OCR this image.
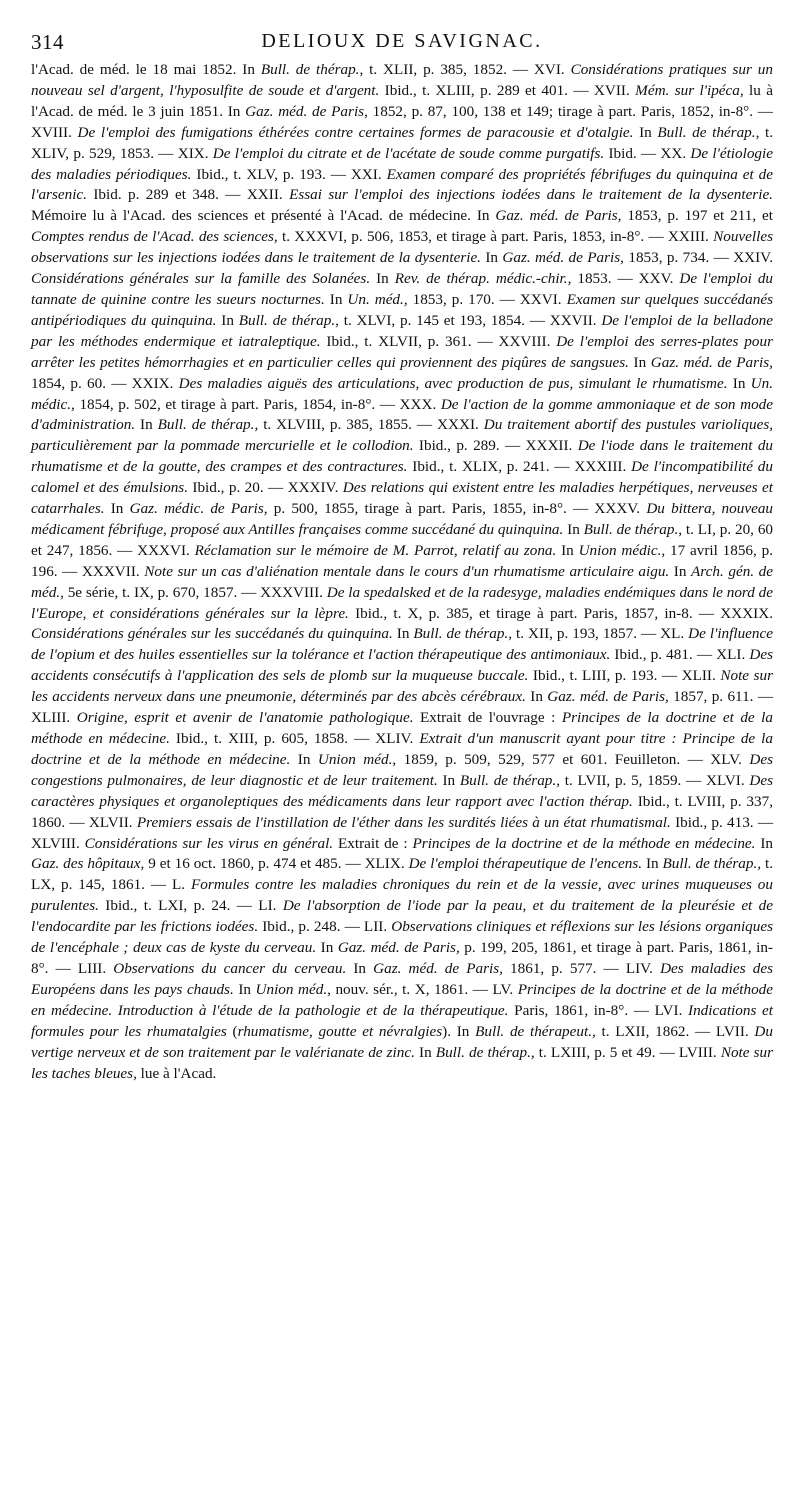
314	DELIOUX DE SAVIGNAC.

l'Acad. de méd. le 18 mai 1852. In Bull. de thérap., t. XLII, p. 385, 1852. — XVI. Considérations pratiques sur un nouveau sel d'argent, l'hyposulfite de soude et d'argent. Ibid., t. XLIII, p. 289 et 401. — XVII. Mém. sur l'ipéca, lu à l'Acad. de méd. le 3 juin 1851. In Gaz. méd. de Paris, 1852, p. 87, 100, 138 et 149; tirage à part. Paris, 1852, in-8°. — XVIII. De l'emploi des fumigations éthérées contre certaines formes de paracousie et d'otalgie. In Bull. de thérap., t. XLIV, p. 529, 1853. — XIX. De l'emploi du citrate et de l'acétate de soude comme purgatifs. Ibid. — XX. De l'étiologie des maladies périodiques. Ibid., t. XLV, p. 193. — XXI. Examen comparé des propriétés fébrifuges du quinquina et de l'arsenic. Ibid. p. 289 et 348. — XXII. Essai sur l'emploi des injections iodées dans le traitement de la dysenterie. Mémoire lu à l'Acad. des sciences et présenté à l'Acad. de médecine. In Gaz. méd. de Paris, 1853, p. 197 et 211, et Comptes rendus de l'Acad. des sciences, t. XXXVI, p. 506, 1853, et tirage à part. Paris, 1853, in-8°. — XXIII. Nouvelles observations sur les injections iodées dans le traitement de la dysenterie. In Gaz. méd. de Paris, 1853, p. 734. — XXIV. Considérations générales sur la famille des Solanées. In Rev. de thérap. médic.-chir., 1853. — XXV. De l'emploi du tannate de quinine contre les sueurs nocturnes. In Un. méd., 1853, p. 170. — XXVI. Examen sur quelques succédanés antipériodiques du quinquina. In Bull. de thérap., t. XLVI, p. 145 et 193, 1854. — XXVII. De l'emploi de la belladone par les méthodes endermique et iatraleptique. Ibid., t. XLVII, p. 361. — XXVIII. De l'emploi des serres-plates pour arrêter les petites hémorrhagies et en particulier celles qui proviennent des piqûres de sangsues. In Gaz. méd. de Paris, 1854, p. 60. — XXIX. Des maladies aiguës des articulations, avec production de pus, simulant le rhumatisme. In Un. médic., 1854, p. 502, et tirage à part. Paris, 1854, in-8°. — XXX. De l'action de la gomme ammoniaque et de son mode d'administration. In Bull. de thérap., t. XLVIII, p. 385, 1855. — XXXI. Du traitement abortif des pustules varioliques, particulièrement par la pommade mercurielle et le collodion. Ibid., p. 289. — XXXII. De l'iode dans le traitement du rhumatisme et de la goutte, des crampes et des contractures. Ibid., t. XLIX, p. 241. — XXXIII. De l'incompatibilité du calomel et des émulsions. Ibid., p. 20. — XXXIV. Des relations qui existent entre les maladies herpétiques, nerveuses et catarrhales. In Gaz. médic. de Paris, p. 500, 1855, tirage à part. Paris, 1855, in-8°. — XXXV. Du bittera, nouveau médicament fébrifuge, proposé aux Antilles françaises comme succédané du quinquina. In Bull. de thérap., t. LI, p. 20, 60 et 247, 1856. — XXXVI. Réclamation sur le mémoire de M. Parrot, relatif au zona. In Union médic., 17 avril 1856, p. 196. — XXXVII. Note sur un cas d'aliénation mentale dans le cours d'un rhumatisme articulaire aigu. In Arch. gén. de méd., 5e série, t. IX, p. 670, 1857. — XXXVIII. De la spedalsked et de la radesyge, maladies endémiques dans le nord de l'Europe, et considérations générales sur la lèpre. Ibid., t. X, p. 385, et tirage à part. Paris, 1857, in-8. — XXXIX. Considérations générales sur les succédanés du quinquina. In Bull. de thérap., t. XII, p. 193, 1857. — XL. De l'influence de l'opium et des huiles essentielles sur la tolérance et l'action thérapeutique des antimoniaux. Ibid., p. 481. — XLI. Des accidents consécutifs à l'application des sels de plomb sur la muqueuse buccale. Ibid., t. LIII, p. 193. — XLII. Note sur les accidents nerveux dans une pneumonie, déterminés par des abcès cérébraux. In Gaz. méd. de Paris, 1857, p. 611. — XLIII. Origine, esprit et avenir de l'anatomie pathologique. Extrait de l'ouvrage : Principes de la doctrine et de la méthode en médecine. Ibid., t. XIII, p. 605, 1858. — XLIV. Extrait d'un manuscrit ayant pour titre : Principe de la doctrine et de la méthode en médecine. In Union méd., 1859, p. 509, 529, 577 et 601. Feuilleton. — XLV. Des congestions pulmonaires, de leur diagnostic et de leur traitement. In Bull. de thérap., t. LVII, p. 5, 1859. — XLVI. Des caractères physiques et organoleptiques des médicaments dans leur rapport avec l'action thérap. Ibid., t. LVIII, p. 337, 1860. — XLVII. Premiers essais de l'instillation de l'éther dans les surdités liées à un état rhumatismal. Ibid., p. 413. — XLVIII. Considérations sur les virus en général. Extrait de : Principes de la doctrine et de la méthode en médecine. In Gaz. des hôpitaux, 9 et 16 oct. 1860, p. 474 et 485. — XLIX. De l'emploi thérapeutique de l'encens. In Bull. de thérap., t. LX, p. 145, 1861. — L. Formules contre les maladies chroniques du rein et de la vessie, avec urines muqueuses ou purulentes. Ibid., t. LXI, p. 24. — LI. De l'absorption de l'iode par la peau, et du traitement de la pleurésie et de l'endocardite par les frictions iodées. Ibid., p. 248. — LII. Observations cliniques et réflexions sur les lésions organiques de l'encéphale ; deux cas de kyste du cerveau. In Gaz. méd. de Paris, p. 199, 205, 1861, et tirage à part. Paris, 1861, in-8°. — LIII. Observations du cancer du cerveau. In Gaz. méd. de Paris, 1861, p. 577. — LIV. Des maladies des Européens dans les pays chauds. In Union méd., nouv. sér., t. X, 1861. — LV. Principes de la doctrine et de la méthode en médecine. Introduction à l'étude de la pathologie et de la thérapeutique. Paris, 1861, in-8°. — LVI. Indications et formules pour les rhumatalgies (rhumatisme, goutte et névralgies). In Bull. de thérapeut., t. LXII, 1862. — LVII. Du vertige nerveux et de son traitement par le valérianate de zinc. In Bull. de thérap., t. LXIII, p. 5 et 49. — LVIII. Note sur les taches bleues, lue à l'Acad.
